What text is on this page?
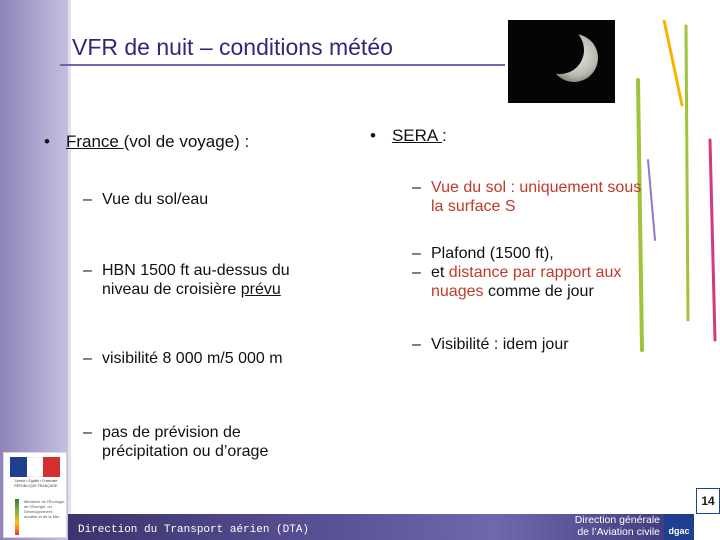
VFR de nuit – conditions météo
• France (vol de voyage) :
– Vue du sol/eau
– HBN 1500 ft au-dessus du
niveau de croisière prévu
– visibilité 8 000 m/5 000 m
– pas de prévision de
précipitation ou d’orage
• SERA :
– Vue du sol : uniquement sous
la surface S
– Plafond (1500 ft),
– et distance par rapport aux
nuages comme de jour
– Visibilité : idem jour
Liberté • Égalité • Fraternité
RÉPUBLIQUE FRANÇAISE
Ministère de l’Écologie, de l’Énergie, du Développement durable et de la Mer
Direction du Transport aérien (DTA)
Direction générale
de l’Aviation civile dgac
14
